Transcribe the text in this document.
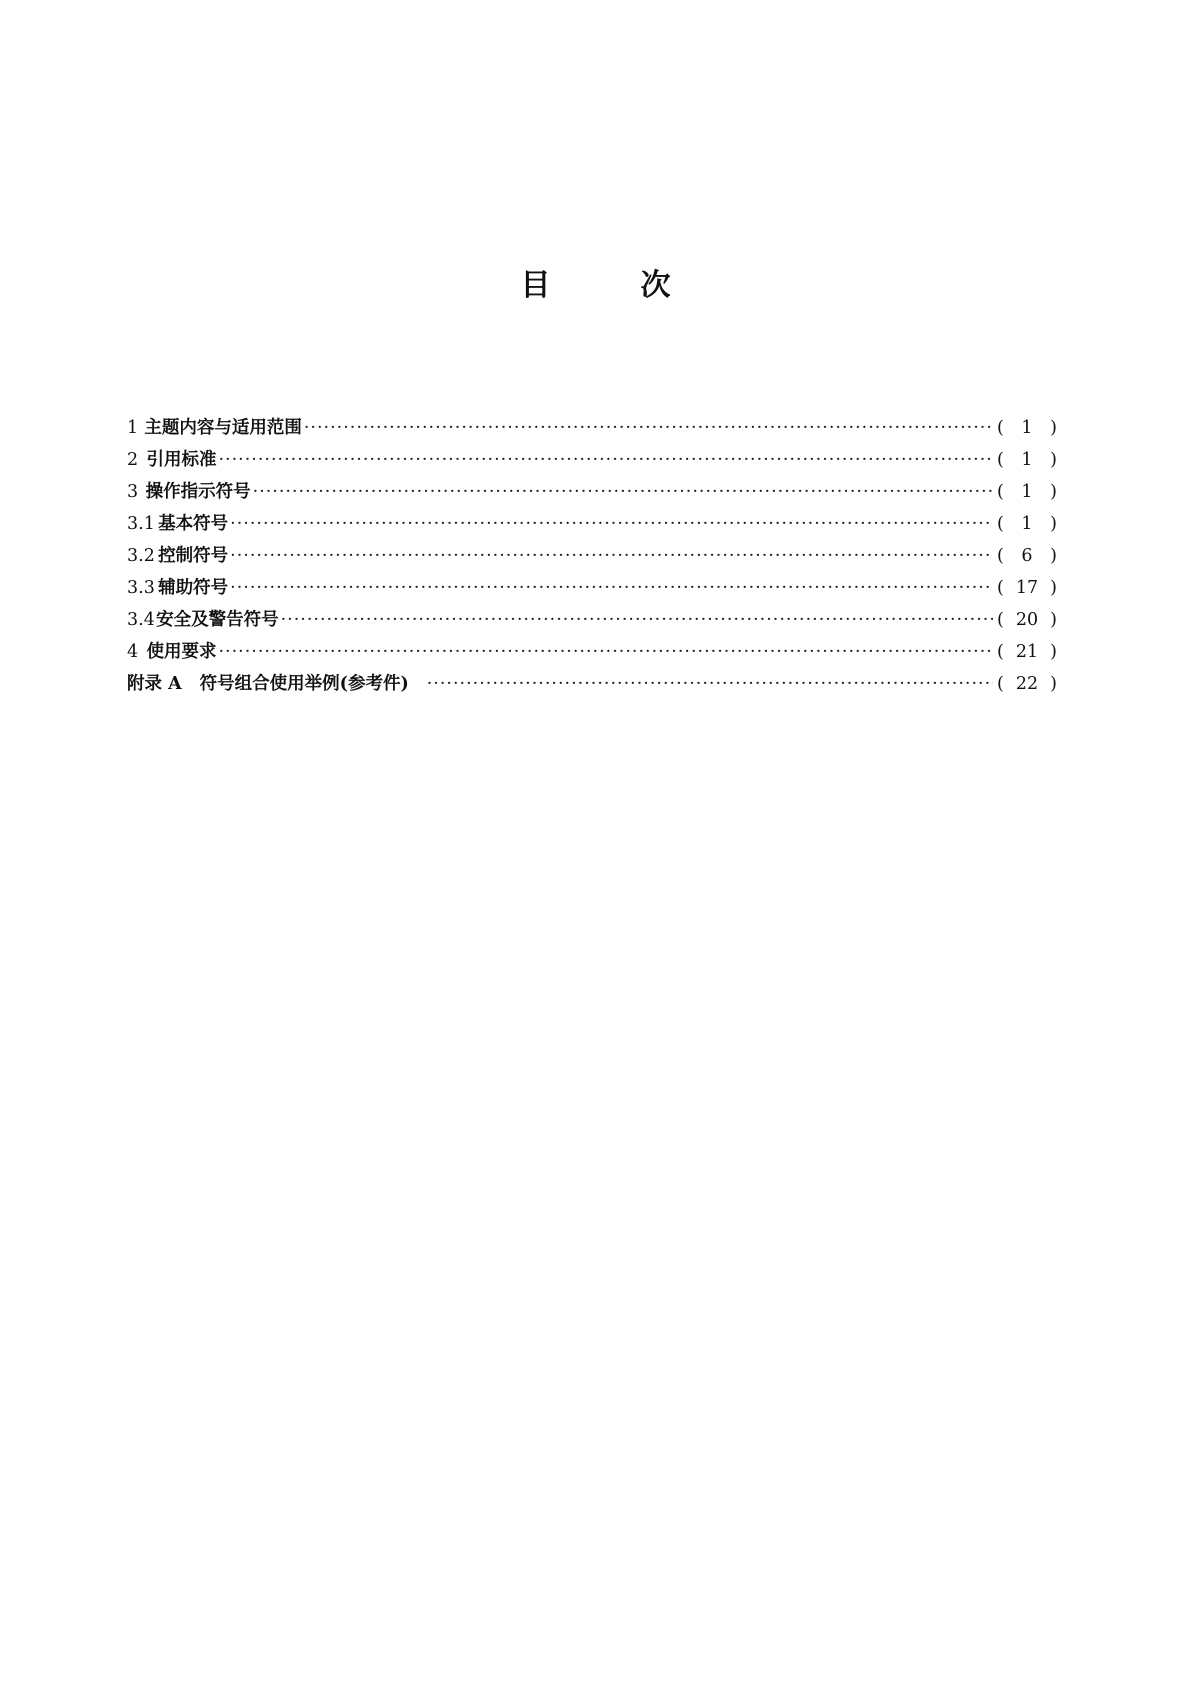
目	次
1 主题内容与适用范围 ·····	(	1	)
2 引用标准 ·····	(	1	)
3 操作指示符号 ·····	(	1	)
3.1 基本符号 ·····	(	1	)
3.2 控制符号 ·····	(	6	)
3.3 辅助符号 ·····	( 17 )
3.4 安全及警告符号 ·····	( 20 )
4 使用要求 ·····	( 21 )
附录 A	符号组合使用举例(参考件) ·····	( 22 )
